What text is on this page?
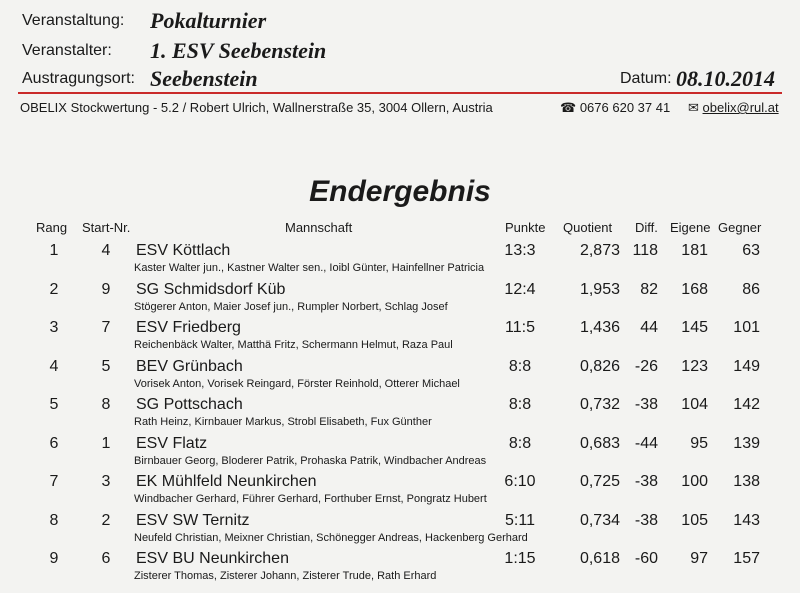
Veranstaltung: Pokalturnier
Veranstalter: 1. ESV Seebenstein
Austragungsort: Seebenstein	Datum: 08.10.2014
OBELIX Stockwertung - 5.2 / Robert Ulrich, Wallnerstraße 35, 3004 Ollern, Austria	☎ 0676 620 37 41 ✉ obelix@rul.at
Endergebnis
Rang Start-Nr.	Mannschaft	Punkte Quotient Diff. Eigene Gegner
1	4	ESV Köttlach	13:3	2,873 118	181	63
Kaster Walter jun., Kastner Walter sen., Ioibl Günter, Hainfellner Patricia
2	9	SG Schmidsdorf Küb	12:4	1,953	82	168	86
Stögerer Anton, Maier Josef jun., Rumpler Norbert, Schlag Josef
3	7	ESV Friedberg	11:5	1,436	44	145	101
Reichenbäck Walter, Matthä Fritz, Schermann Helmut, Raza Paul
4	5	BEV Grünbach	8:8	0,826 -26	123	149
Vorisek Anton, Vorisek Reingard, Förster Reinhold, Otterer Michael
5	8	SG Pottschach	8:8	0,732 -38	104	142
Rath Heinz, Kirnbauer Markus, Strobl Elisabeth, Fux Günther
6	1	ESV Flatz	8:8	0,683 -44	95	139
Birnbauer Georg, Bloderer Patrik, Prohaska Patrik, Windbacher Andreas
7	3	EK Mühlfeld Neunkirchen	6:10	0,725 -38	100	138
Windbacher Gerhard, Führer Gerhard, Forthuber Ernst, Pongratz Hubert
8	2	ESV SW Ternitz	5:11	0,734 -38	105	143
Neufeld Christian, Meixner Christian, Schönegger Andreas, Hackenberg Gerhard
9	6	ESV BU Neunkirchen	1:15	0,618 -60	97	157
Zisterer Thomas, Zisterer Johann, Zisterer Trude, Rath Erhard
